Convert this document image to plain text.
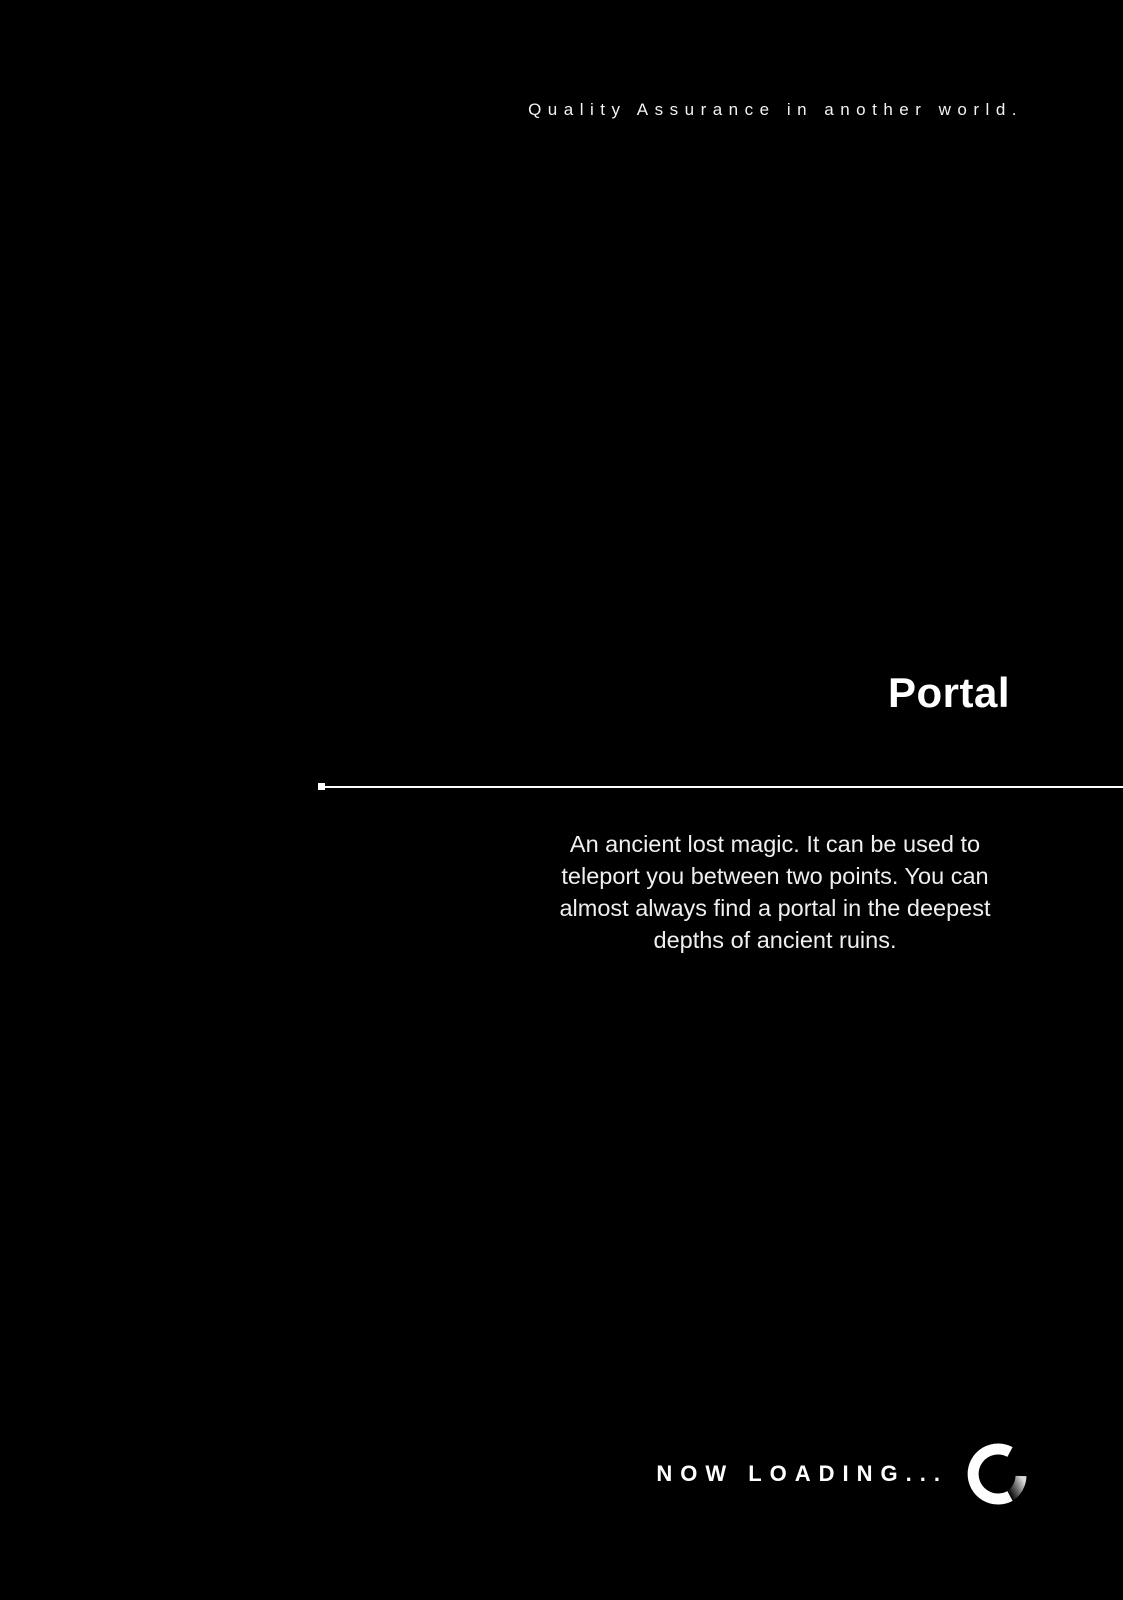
Quality Assurance in another world.
Portal
An ancient lost magic. It can be used to teleport you between two points. You can almost always find a portal in the deepest depths of ancient ruins.
NOW LOADING...
